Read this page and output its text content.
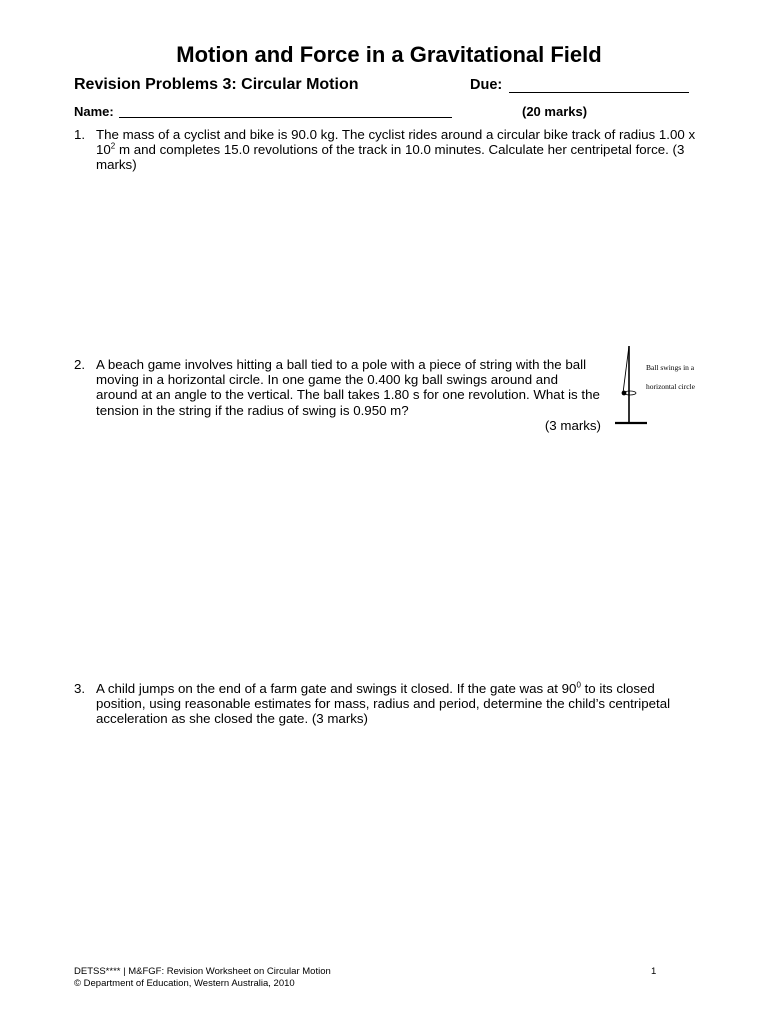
Motion and Force in a Gravitational Field
Revision Problems 3: Circular Motion	Due:
Name:	(20 marks)
1. The mass of a cyclist and bike is 90.0 kg. The cyclist rides around a circular bike track of radius 1.00 x $10^2$ m and completes 15.0 revolutions of the track in 10.0 minutes. Calculate her centripetal force. (3 marks)
2. A beach game involves hitting a ball tied to a pole with a piece of string with the ball moving in a horizontal circle. In one game the 0.400 kg ball swings around and around at an angle to the vertical. The ball takes 1.80 s for one revolution. What is the tension in the string if the radius of swing is 0.950 m?
(3 marks)
Ball swings in a
horizontal circle
3. A child jumps on the end of a farm gate and swings it closed. If the gate was at $90^0$ to its closed position, using reasonable estimates for mass, radius and period, determine the child’s centripetal acceleration as she closed the gate. (3 marks)
DETSS**** | M&FGF: Revision Worksheet on Circular Motion
© Department of Education, Western Australia, 2010
1
